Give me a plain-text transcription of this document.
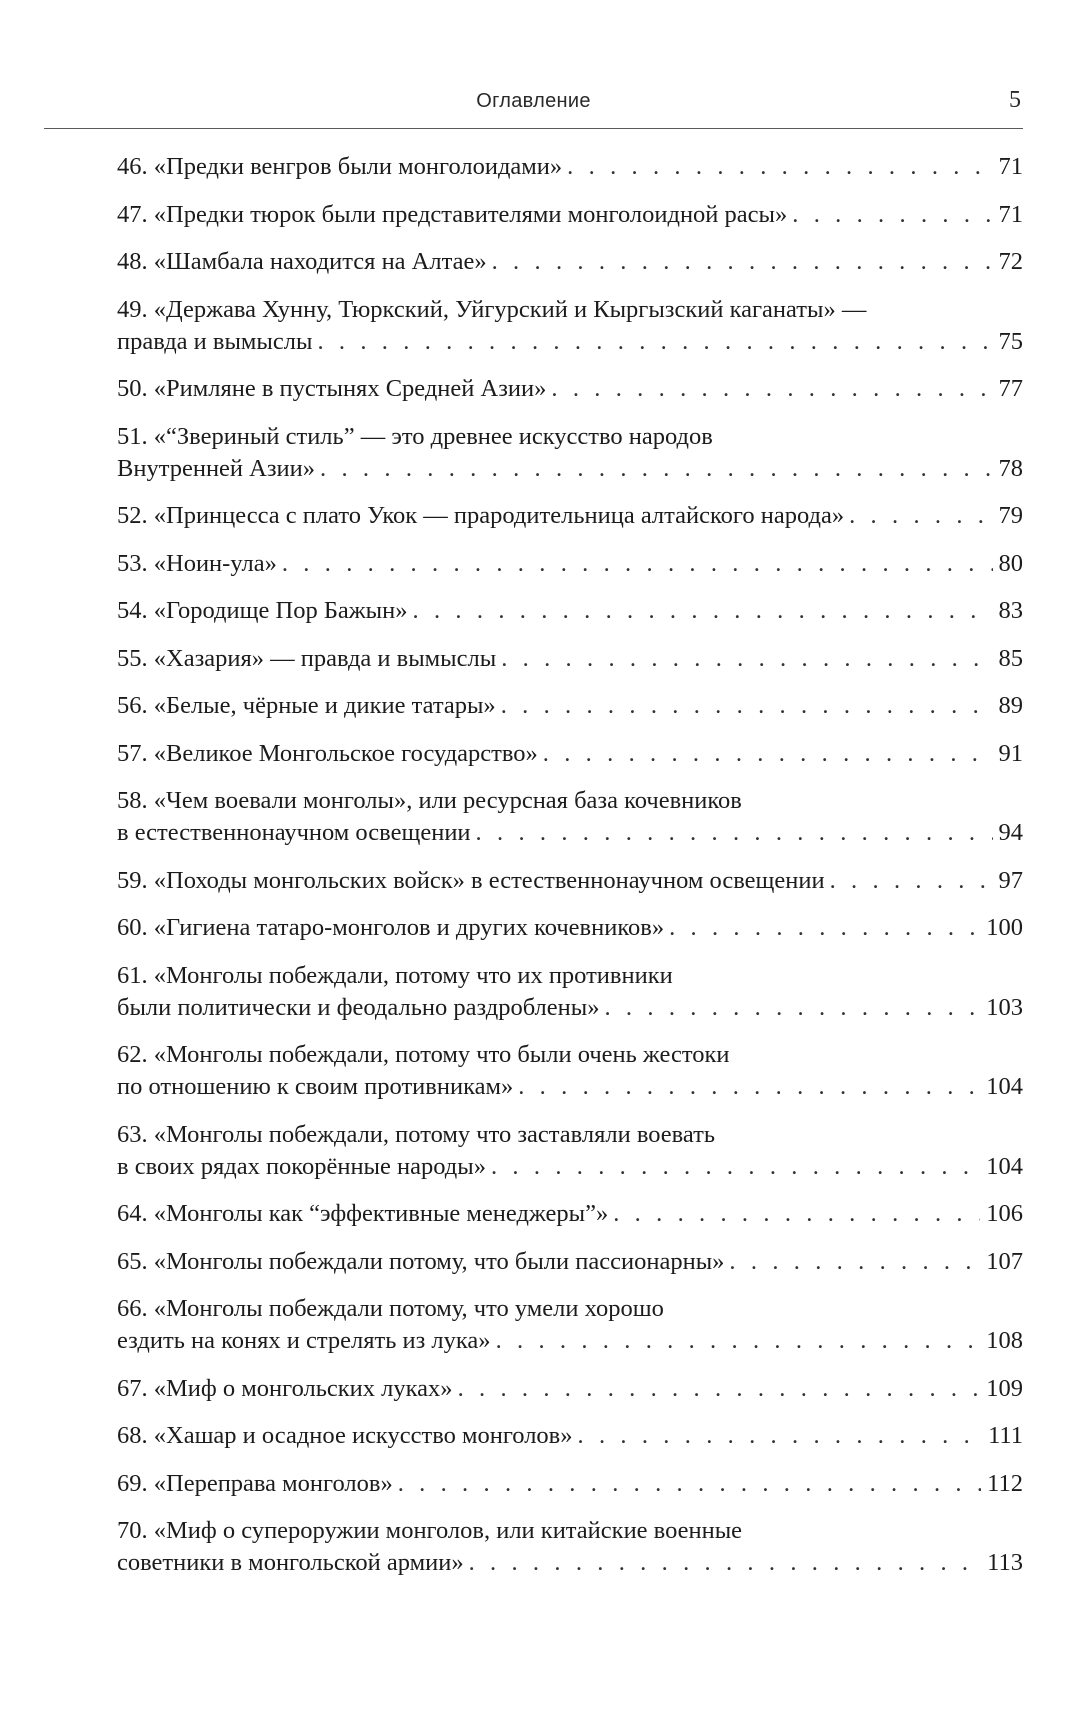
Оглавление	5
46. «Предки венгров были монголоидами» . . .	71
47. «Предки тюрок были представителями монголоидной расы» . . .	71
48. «Шамбала находится на Алтае» . . .	72
49. «Держава Хунну, Тюркский, Уйгурский и Кыргызский каганаты» —
правда и вымыслы . . .	75
50. «Римляне в пустынях Средней Азии» . . .	77
51. «“Звериный стиль” — это древнее искусство народов
Внутренней Азии» . . .	78
52. «Принцесса с плато Укок — прародительница алтайского народа» . . .	79
53. «Ноин-ула» . . .	80
54. «Городище Пор Бажын» . . .	83
55. «Хазария» — правда и вымыслы . . .	85
56. «Белые, чёрные и дикие татары» . . .	89
57. «Великое Монгольское государство» . . .	91
58. «Чем воевали монголы», или ресурсная база кочевников
в естественнонаучном освещении . . .	94
59. «Походы монгольских войск» в естественнонаучном освещении . . .	97
60. «Гигиена татаро-монголов и других кочевников» . . .	100
61. «Монголы побеждали, потому что их противники
были политически и феодально раздроблены» . . .	103
62. «Монголы побеждали, потому что были очень жестоки
по отношению к своим противникам» . . .	104
63. «Монголы побеждали, потому что заставляли воевать
в своих рядах покорённые народы» . . .	104
64. «Монголы как “эффективные менеджеры”» . . .	106
65. «Монголы побеждали потому, что были пассионарны» . . .	107
66. «Монголы побеждали потому, что умели хорошо
ездить на конях и стрелять из лука» . . .	108
67. «Миф о монгольских луках» . . .	109
68. «Хашар и осадное искусство монголов» . . .	111
69. «Переправа монголов» . . .	112
70. «Миф о супероружии монголов, или китайские военные
советники в монгольской армии» . . .	113
